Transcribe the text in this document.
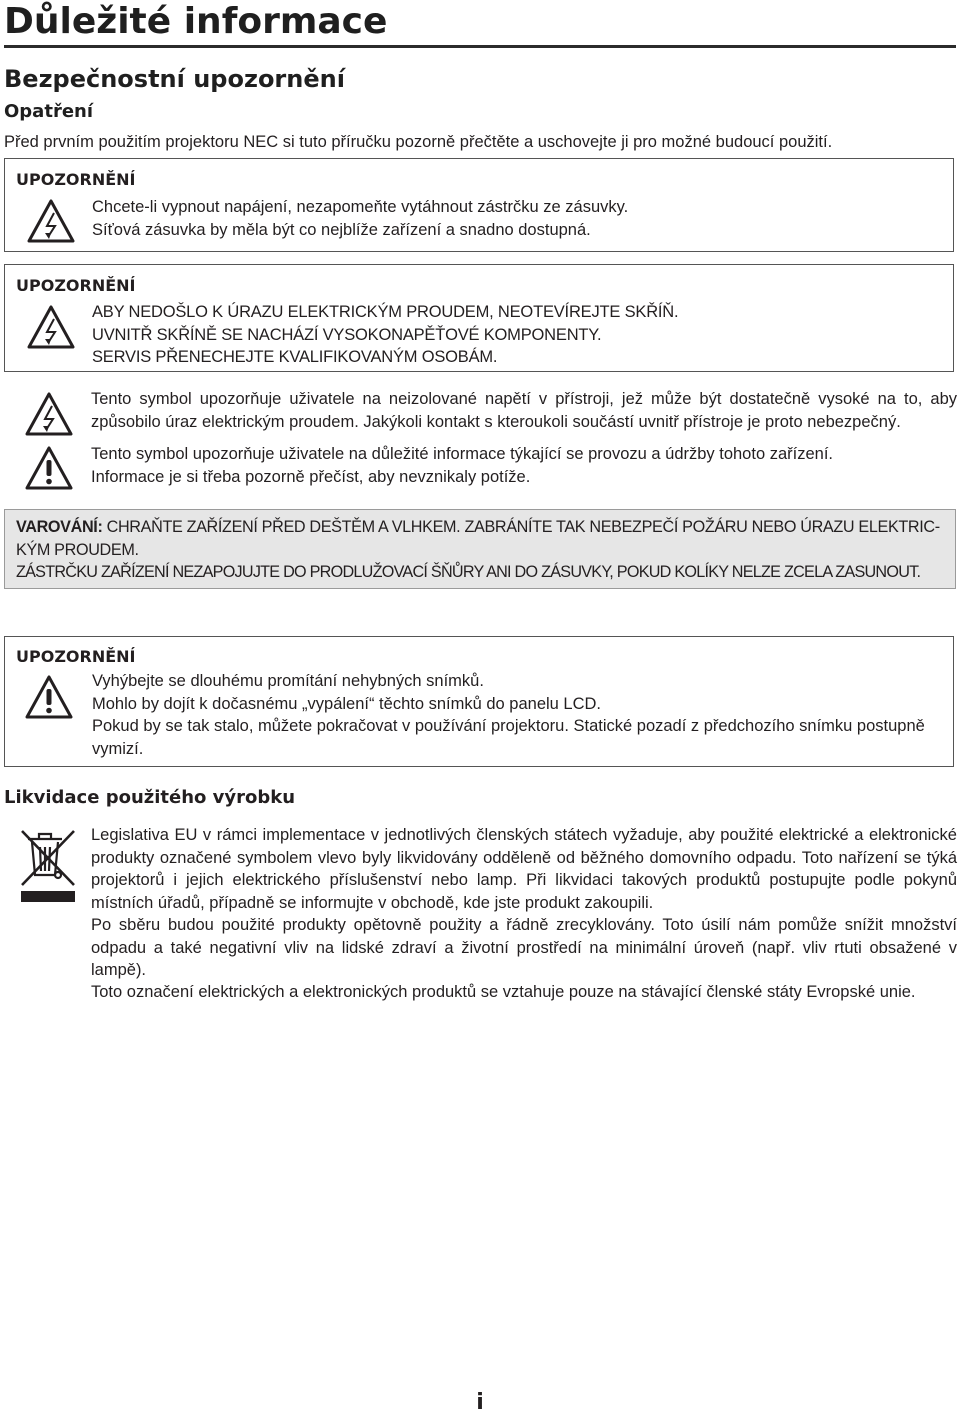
Důležité informace
Bezpečnostní upozornění
Opatření
Před prvním použitím projektoru NEC si tuto příručku pozorně přečtěte a uschovejte ji pro možné budoucí použití.
UPOZORNĚNÍ
Chcete-li vypnout napájení, nezapomeňte vytáhnout zástrčku ze zásuvky.
Síťová zásuvka by měla být co nejblíže zařízení a snadno dostupná.
UPOZORNĚNÍ
ABY NEDOŠLO K ÚRAZU ELEKTRICKÝM PROUDEM, NEOTEVÍREJTE SKŘÍŇ.
UVNITŘ SKŘÍNĚ SE NACHÁZÍ VYSOKONAPĚŤOVÉ KOMPONENTY.
SERVIS PŘENECHEJTE KVALIFIKOVANÝM OSOBÁM.
Tento symbol upozorňuje uživatele na neizolované napětí v přístroji, jež může být dostatečně vysoké na to, aby způsobilo úraz elektrickým proudem. Jakýkoli kontakt s kteroukoli součástí uvnitř přístroje je proto nebezpečný.
Tento symbol upozorňuje uživatele na důležité informace týkající se provozu a údržby tohoto zařízení. Informace je si třeba pozorně přečíst, aby nevznikaly potíže.
VAROVÁNÍ: CHRAŇTE ZAŘÍZENÍ PŘED DEŠTĚM A VLHKEM. ZABRÁNÍTE TAK NEBEZPEČÍ POŽÁRU NEBO ÚRAZU ELEKTRIC-
KÝM PROUDEM.
ZÁSTRČKU ZAŘÍZENÍ NEZAPOJUJTE DO PRODLUŽOVACÍ ŠŇŮRY ANI DO ZÁSUVKY, POKUD KOLÍKY NELZE ZCELA ZASUNOUT.
UPOZORNĚNÍ
Vyhýbejte se dlouhému promítání nehybných snímků.
Mohlo by dojít k dočasnému „vypálení“ těchto snímků do panelu LCD.
Pokud by se tak stalo, můžete pokračovat v používání projektoru. Statické pozadí z předchozího snímku postupně
vymizí.
Likvidace použitého výrobku
Legislativa EU v rámci implementace v jednotlivých členských státech vyžaduje, aby použité elektrické a elektronické produkty označené symbolem vlevo byly likvidovány odděleně od běžného domovního odpadu. Toto nařízení se týká projektorů i jejich elektrického příslušenství nebo lamp. Při likvidaci takových produktů postupujte podle pokynů místních úřadů, případně se informujte v obchodě, kde jste produkt zakoupili.
Po sběru budou použité produkty opětovně použity a řádně zrecyklovány. Toto úsilí nám pomůže snížit množství odpadu a také negativní vliv na lidské zdraví a životní prostředí na minimální úroveň (např. vliv rtuti obsažené v lampě).
Toto označení elektrických a elektronických produktů se vztahuje pouze na stávající členské státy Evropské unie.
i
